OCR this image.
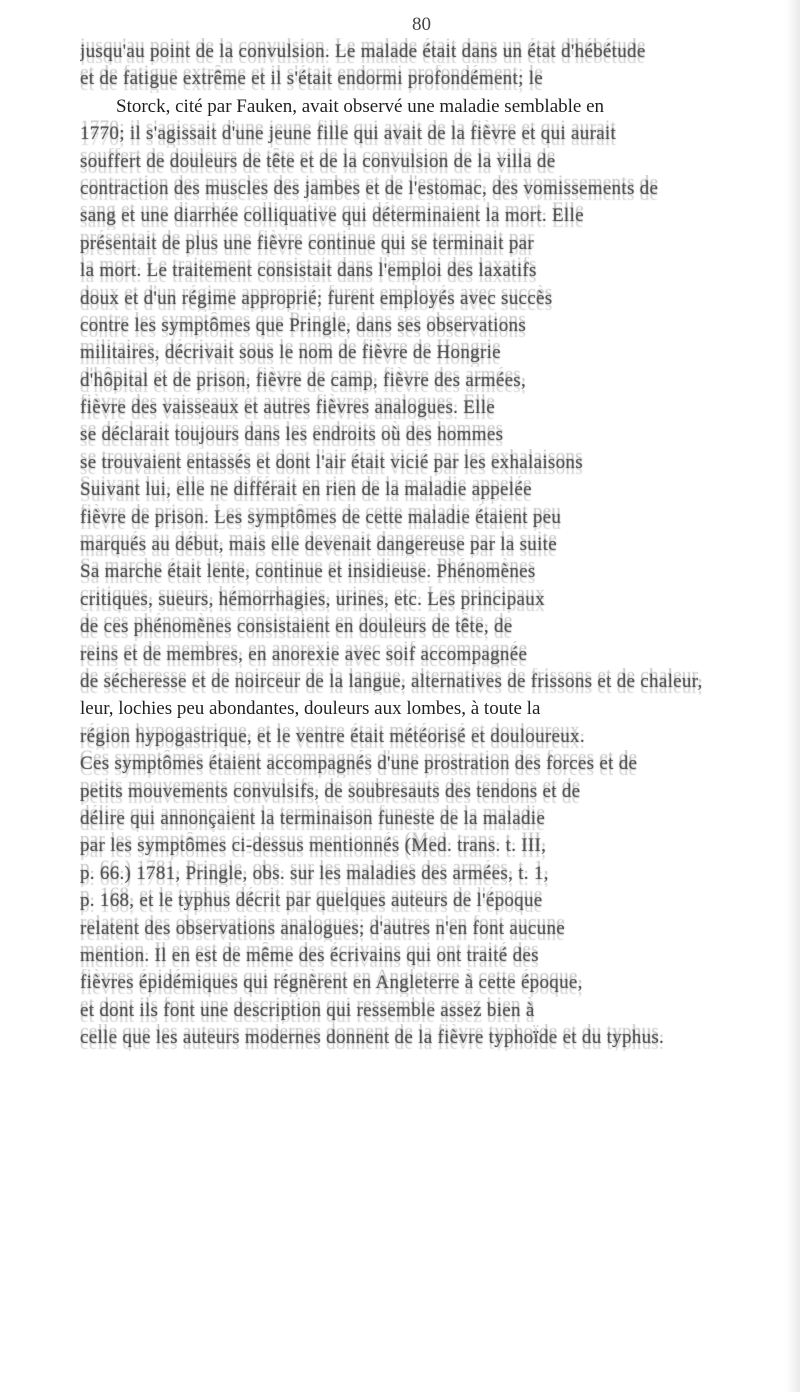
80
jusqu'au point de la convulsion. Le malade était dans un état d'hébétude
et de fatigue extrême et il s'était endormi profondément; le
Storck, cité par Fauken, avait observé une maladie semblable en
1770; il s'agissait d'une jeune fille qui avait de la fièvre et qui aurait
souffert de douleurs de tête et de la convulsion de la villa de
contraction des muscles des jambes et de l'estomac, des vomissements de
sang et une diarrhée colliquative qui déterminaient la mort. Elle
présentait de plus une fièvre continue qui se terminait par
la mort. Le traitement consistait dans l'emploi des laxatifs
doux et d'un régime approprié; furent employés avec succès
contre les symptômes que Pringle, dans ses observations
militaires, décrivait sous le nom de fièvre de Hongrie
d'hôpital et de prison, fièvre de camp, fièvre des armées,
fièvre des vaisseaux et autres fièvres analogues. Elle
se déclarait toujours dans les endroits où des hommes
se trouvaient entassés et dont l'air était vicié par les exhalaisons
Suivant lui, elle ne différait en rien de la maladie appelée
fièvre de prison. Les symptômes de cette maladie étaient peu
marqués au début, mais elle devenait dangereuse par la suite
Sa marche était lente, continue et insidieuse. Phénomènes
critiques, sueurs, hémorrhagies, urines, etc. Les principaux
de ces phénomènes consistaient en douleurs de tête, de
reins et de membres, en anorexie avec soif accompagnée
de sécheresse et de noirceur de la langue, alternatives de frissons et de chaleur,
leur, lochies peu abondantes, douleurs aux lombes, à toute la
région hypogastrique, et le ventre était météorisé et douloureux.
Ces symptômes étaient accompagnés d'une prostration des forces et de
petits mouvements convulsifs, de soubresauts des tendons et de
délire qui annonçaient la terminaison funeste de la maladie
par les symptômes ci-dessus mentionnés (Med. trans. t. III,
p. 66.) 1781, Pringle, obs. sur les maladies des armées, t. 1,
p. 168, et le typhus décrit par quelques auteurs de l'époque
relatent des observations analogues; d'autres n'en font aucune
mention. Il en est de même des écrivains qui ont traité des
fièvres épidémiques qui régnèrent en Angleterre à cette époque,
et dont ils font une description qui ressemble assez bien à
celle que les auteurs modernes donnent de la fièvre typhoïde et du typhus.
